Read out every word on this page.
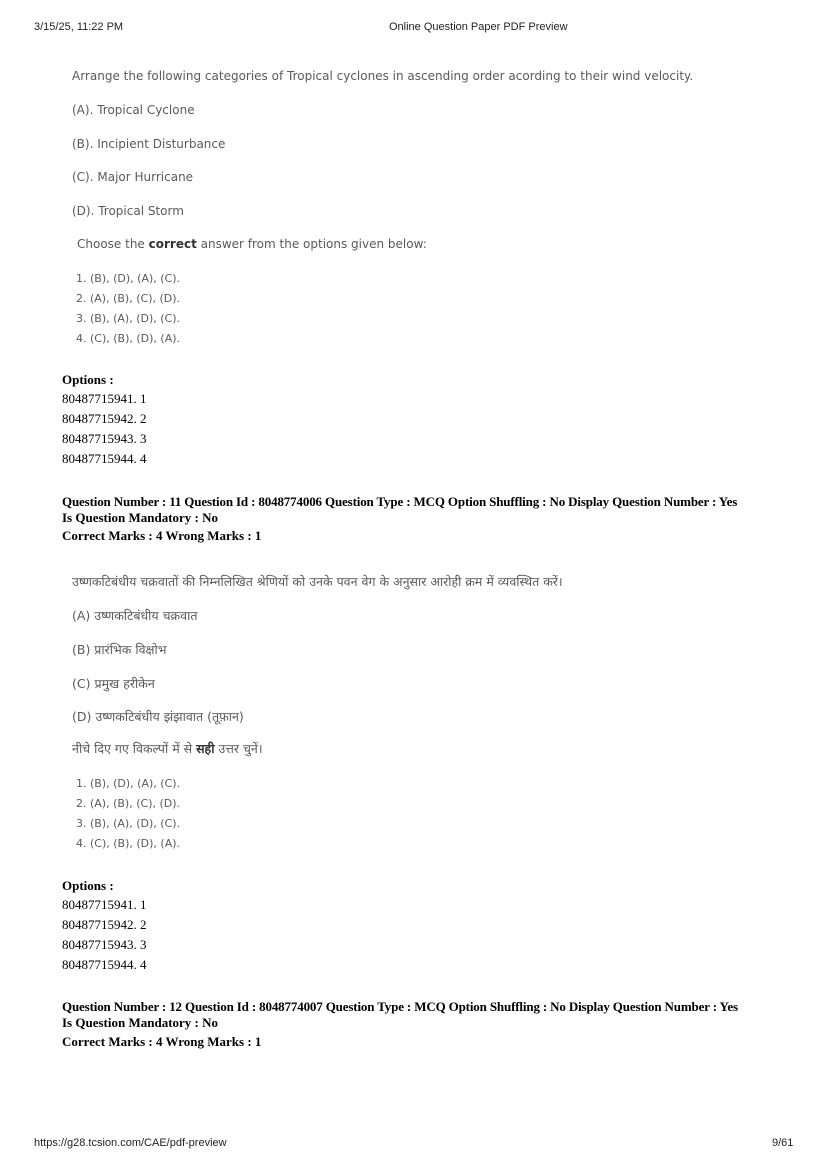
3/15/25, 11:22 PM	Online Question Paper PDF Preview
Arrange the following categories of Tropical cyclones in ascending order acording to their wind velocity.
(A). Tropical Cyclone
(B). Incipient Disturbance
(C). Major Hurricane
(D). Tropical Storm
Choose the correct answer from the options given below:
1. (B), (D), (A), (C).
2. (A), (B), (C), (D).
3. (B), (A), (D), (C).
4. (C), (B), (D), (A).
Options :
80487715941. 1
80487715942. 2
80487715943. 3
80487715944. 4
Question Number : 11 Question Id : 8048774006 Question Type : MCQ Option Shuffling : No Display Question Number : Yes
Is Question Mandatory : No
Correct Marks : 4 Wrong Marks : 1
उष्णकटिबंधीय चक्रवातों की निम्नलिखित श्रेणियों को उनके पवन वेग के अनुसार आरोही क्रम में व्यवस्थित करें।
(A) उष्णकटिबंधीय चक्रवात
(B) प्रारंभिक विक्षोभ
(C) प्रमुख हरीकेन
(D) उष्णकटिबंधीय झंझावात (तूफ़ान)
नीचे दिए गए विकल्पों में से सही उत्तर चुनें।
1. (B), (D), (A), (C).
2. (A), (B), (C), (D).
3. (B), (A), (D), (C).
4. (C), (B), (D), (A).
Options :
80487715941. 1
80487715942. 2
80487715943. 3
80487715944. 4
Question Number : 12 Question Id : 8048774007 Question Type : MCQ Option Shuffling : No Display Question Number : Yes
Is Question Mandatory : No
Correct Marks : 4 Wrong Marks : 1
https://g28.tcsion.com/CAE/pdf-preview	9/61
